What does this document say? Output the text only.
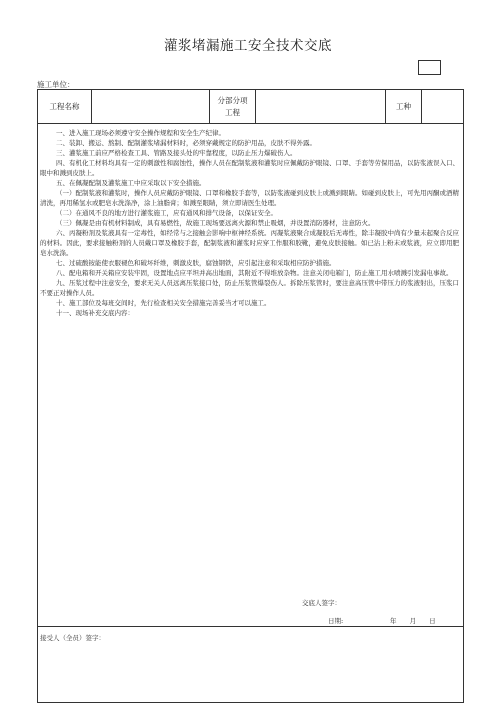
灌浆堵漏施工安全技术交底
施工单位：
工程名称
分部分项
工程
工种

一、进入施工现场必须遵守安全操作规程和安全生产纪律。

二、装卸、搬运、熬制、配制灌浆堵漏材料时，必须穿戴规定的防护用品，皮肤不得外露。

三、灌浆施工前应严格检查工具、管路及接头处的牢靠程度，以防止压力爆破伤人。

四、有机化工材料均具有一定的刺激性和腐蚀性，操作人员在配制浆液和灌浆时应佩戴防护眼镜、口罩、手套等劳保用品，以防浆液误入口、眼中和溅到皮肤上。

五、在佩凝配制及灌浆施工中应采取以下安全措施。

（一）配制浆液和灌浆时，操作人员应戴防护眼镜、口罩和橡胶手套等，以防浆液碰到皮肤上或溅到眼睛。如碰到皮肤上，可先用丙酮或酒精清洗，再用稀氢水或肥皂水洗涤净，涂上油脂膏；如溅至眼睛，须立即请医生处理。

（二）在通风不良的地方进行灌浆施工，应有通风和排气设备，以保证安全。

（三）佩凝是由有机材料制成，具有易燃性，故施工现场要远离火源和禁止吸烟，并设置消防器材，注意防火。

六、丙凝粉剂及浆液具有一定毒性，如经常与之接触会影响中枢神经系统。丙凝浆液聚合成凝胶后无毒性，除丰凝胶中尚有少量未起聚合反应的材料。因此，要求接触粉剂的人员戴口罩及橡胶手套，配制浆液和灌浆时应穿工作服和胶靴，避免皮肤接触。如已沾上粉末或浆液，应立即用肥皂水洗涤。

七、过硫酸铵能使衣服褪色和破坏纤维，刺激皮肤，腐蚀钢铁，应引起注意和采取相应防护措施。

八、配电箱和开关箱应安装牢固，设置地点应平坦并高出地面，其附近不得堆放杂物。注意关闭电箱门，防止施工用水喷溅引发漏电事故。

九、压浆过程中注意安全，要求无关人员远离压浆接口处，防止压浆管爆裂伤人。拆除压浆管时，要注意高压管中带压力的浆液射出，压浆口不要正对操作人员。

十、施工部位及每班交间时，先行检查相关安全措施完善妥当才可以施工。

十一、现场补充交底内容：

交底人签字：
日期:	年 月 日
接受人（全员）签字：
